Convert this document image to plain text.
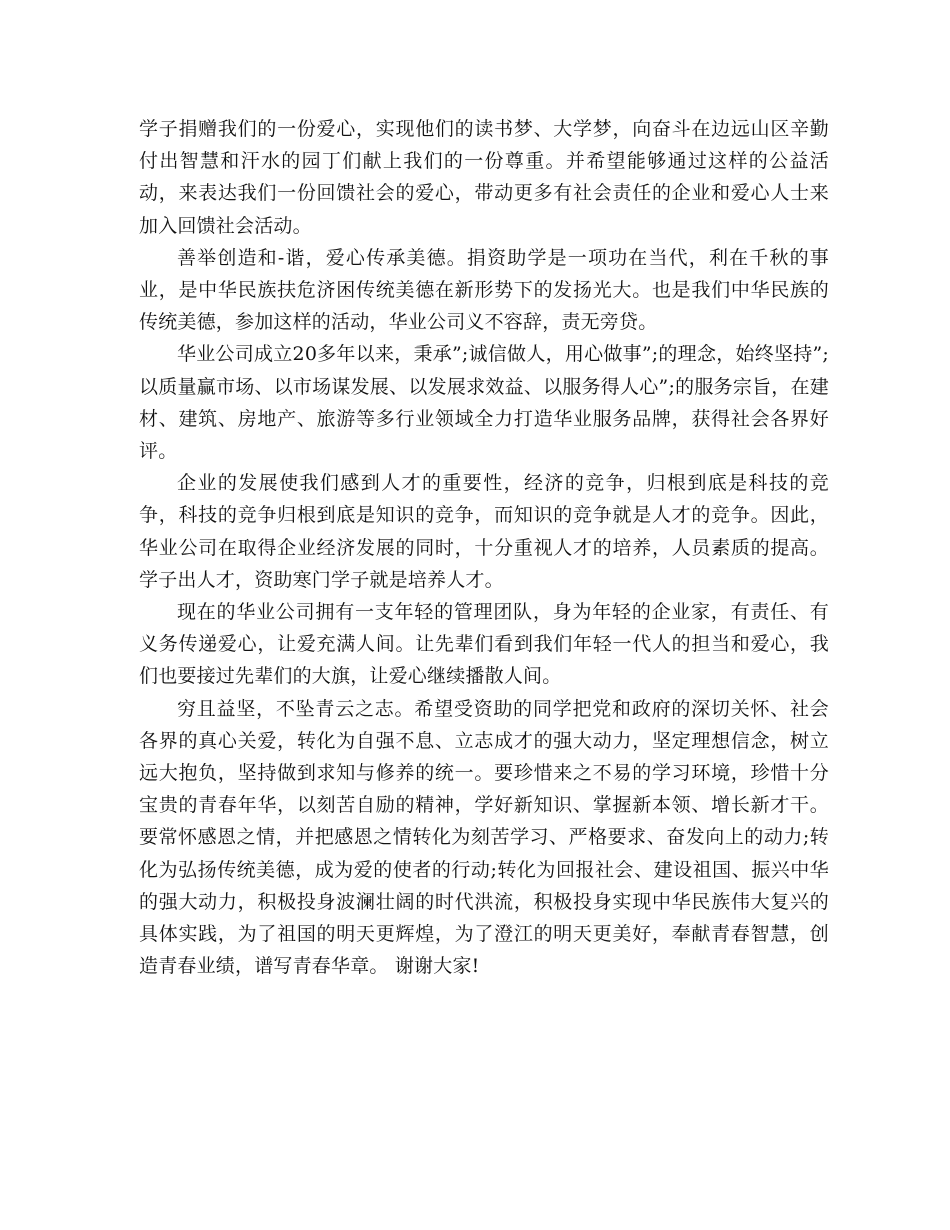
学子捐赠我们的一份爱心，实现他们的读书梦、大学梦，向奋斗在边远山区辛勤付出智慧和汗水的园丁们献上我们的一份尊重。并希望能够通过这样的公益活动，来表达我们一份回馈社会的爱心，带动更多有社会责任的企业和爱心人士来加入回馈社会活动。

善举创造和-谐，爱心传承美德。捐资助学是一项功在当代，利在千秋的事业，是中华民族扶危济困传统美德在新形势下的发扬光大。也是我们中华民族的传统美德，参加这样的活动，华业公司义不容辞，责无旁贷。

华业公司成立20多年以来，秉承”;诚信做人，用心做事”;的理念，始终坚持”;以质量赢市场、以市场谋发展、以发展求效益、以服务得人心”;的服务宗旨，在建材、建筑、房地产、旅游等多行业领域全力打造华业服务品牌，获得社会各界好评。

企业的发展使我们感到人才的重要性，经济的竞争，归根到底是科技的竞争，科技的竞争归根到底是知识的竞争，而知识的竞争就是人才的竞争。因此，华业公司在取得企业经济发展的同时，十分重视人才的培养，人员素质的提高。学子出人才，资助寒门学子就是培养人才。

现在的华业公司拥有一支年轻的管理团队，身为年轻的企业家，有责任、有义务传递爱心，让爱充满人间。让先辈们看到我们年轻一代人的担当和爱心，我们也要接过先辈们的大旗，让爱心继续播散人间。

穷且益坚，不坠青云之志。希望受资助的同学把党和政府的深切关怀、社会各界的真心关爱，转化为自强不息、立志成才的强大动力，坚定理想信念，树立远大抱负，坚持做到求知与修养的统一。要珍惜来之不易的学习环境，珍惜十分宝贵的青春年华，以刻苦自励的精神，学好新知识、掌握新本领、增长新才干。要常怀感恩之情，并把感恩之情转化为刻苦学习、严格要求、奋发向上的动力;转化为弘扬传统美德，成为爱的使者的行动;转化为回报社会、建设祖国、振兴中华的强大动力，积极投身波澜壮阔的时代洪流，积极投身实现中华民族伟大复兴的具体实践，为了祖国的明天更辉煌，为了澄江的明天更美好，奉献青春智慧，创造青春业绩，谱写青春华章。 谢谢大家!
